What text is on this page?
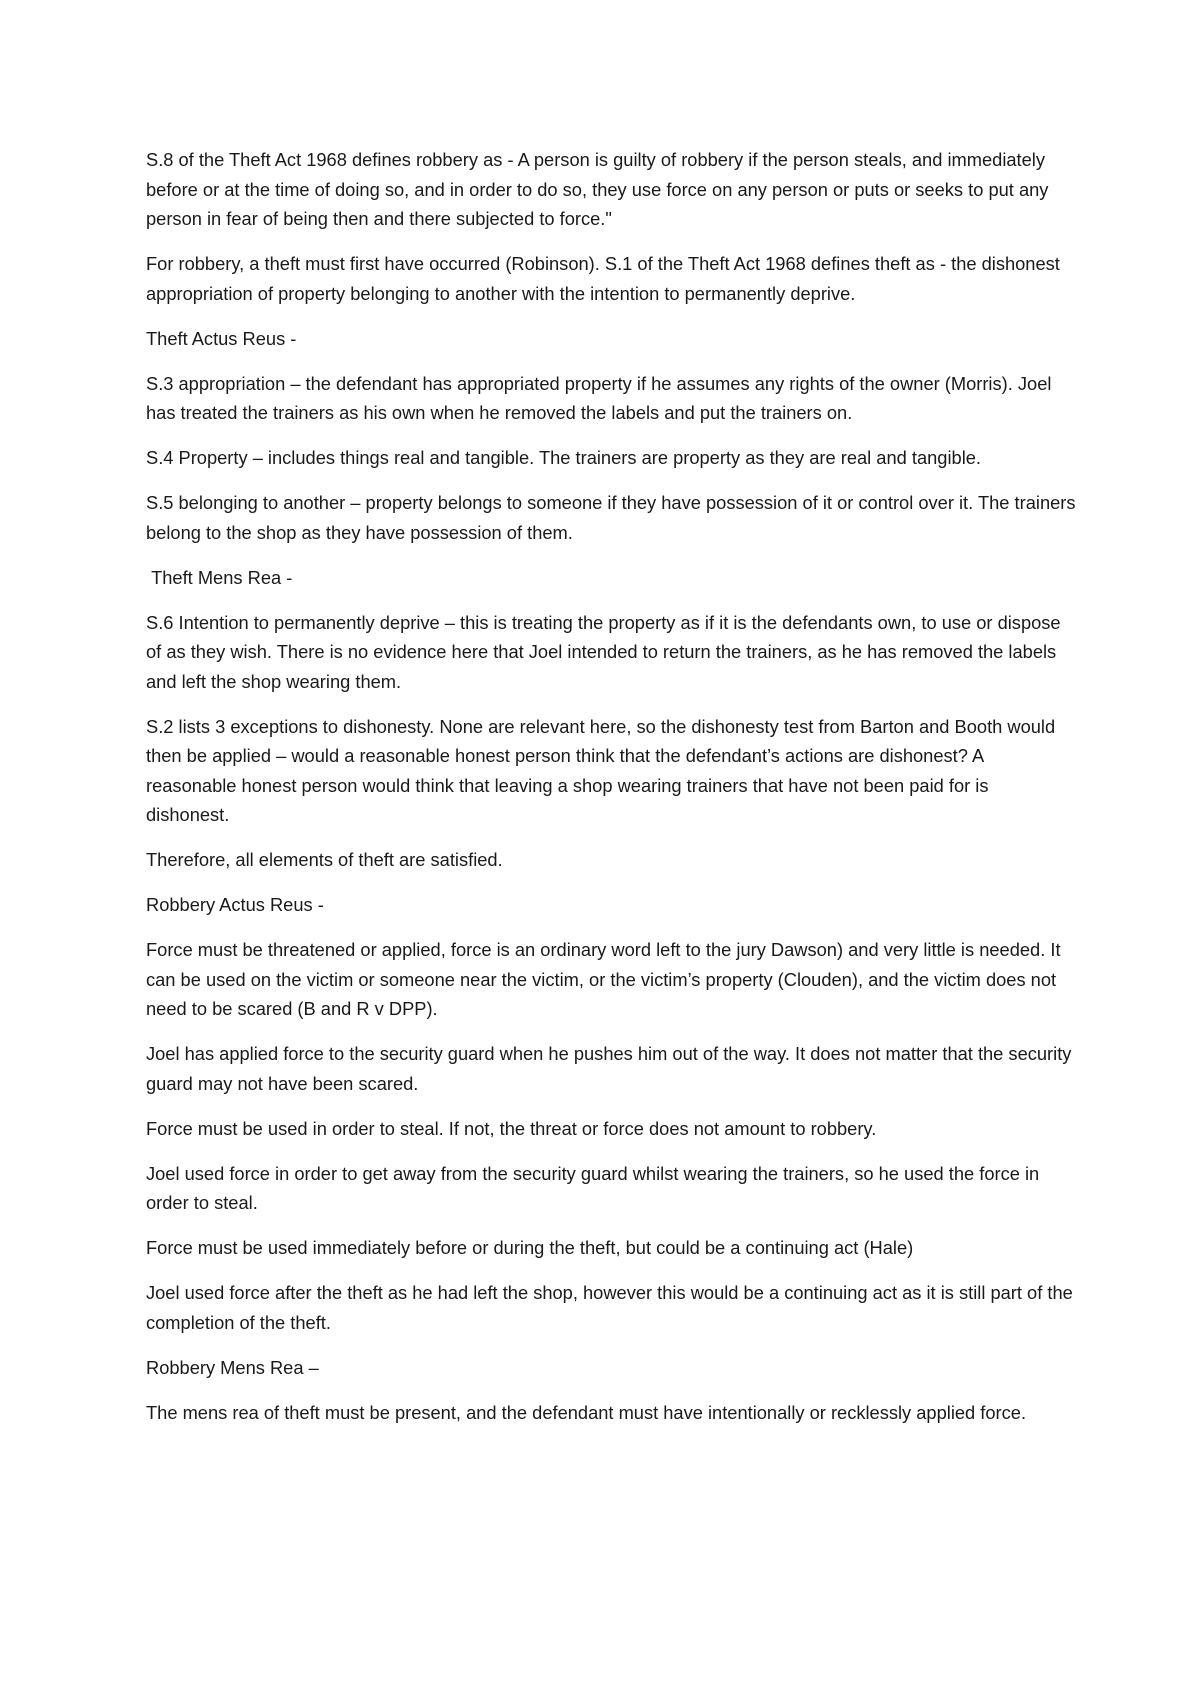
S.8 of the Theft Act 1968 defines robbery as - A person is guilty of robbery if the person steals, and immediately before or at the time of doing so, and in order to do so, they use force on any person or puts or seeks to put any person in fear of being then and there subjected to force."

For robbery, a theft must first have occurred (Robinson). S.1 of the Theft Act 1968 defines theft as - the dishonest appropriation of property belonging to another with the intention to permanently deprive.

Theft Actus Reus -

S.3 appropriation – the defendant has appropriated property if he assumes any rights of the owner (Morris). Joel has treated the trainers as his own when he removed the labels and put the trainers on.

S.4 Property – includes things real and tangible. The trainers are property as they are real and tangible.

S.5 belonging to another – property belongs to someone if they have possession of it or control over it. The trainers belong to the shop as they have possession of them.

Theft Mens Rea -

S.6 Intention to permanently deprive – this is treating the property as if it is the defendants own, to use or dispose of as they wish. There is no evidence here that Joel intended to return the trainers, as he has removed the labels and left the shop wearing them.

S.2 lists 3 exceptions to dishonesty. None are relevant here, so the dishonesty test from Barton and Booth would then be applied – would a reasonable honest person think that the defendant’s actions are dishonest? A reasonable honest person would think that leaving a shop wearing trainers that have not been paid for is dishonest.

Therefore, all elements of theft are satisfied.

Robbery Actus Reus -

Force must be threatened or applied, force is an ordinary word left to the jury Dawson) and very little is needed. It can be used on the victim or someone near the victim, or the victim’s property (Clouden), and the victim does not need to be scared (B and R v DPP).

Joel has applied force to the security guard when he pushes him out of the way. It does not matter that the security guard may not have been scared.

Force must be used in order to steal. If not, the threat or force does not amount to robbery.

Joel used force in order to get away from the security guard whilst wearing the trainers, so he used the force in order to steal.

Force must be used immediately before or during the theft, but could be a continuing act (Hale)

Joel used force after the theft as he had left the shop, however this would be a continuing act as it is still part of the completion of the theft.

Robbery Mens Rea –

The mens rea of theft must be present, and the defendant must have intentionally or recklessly applied force.
